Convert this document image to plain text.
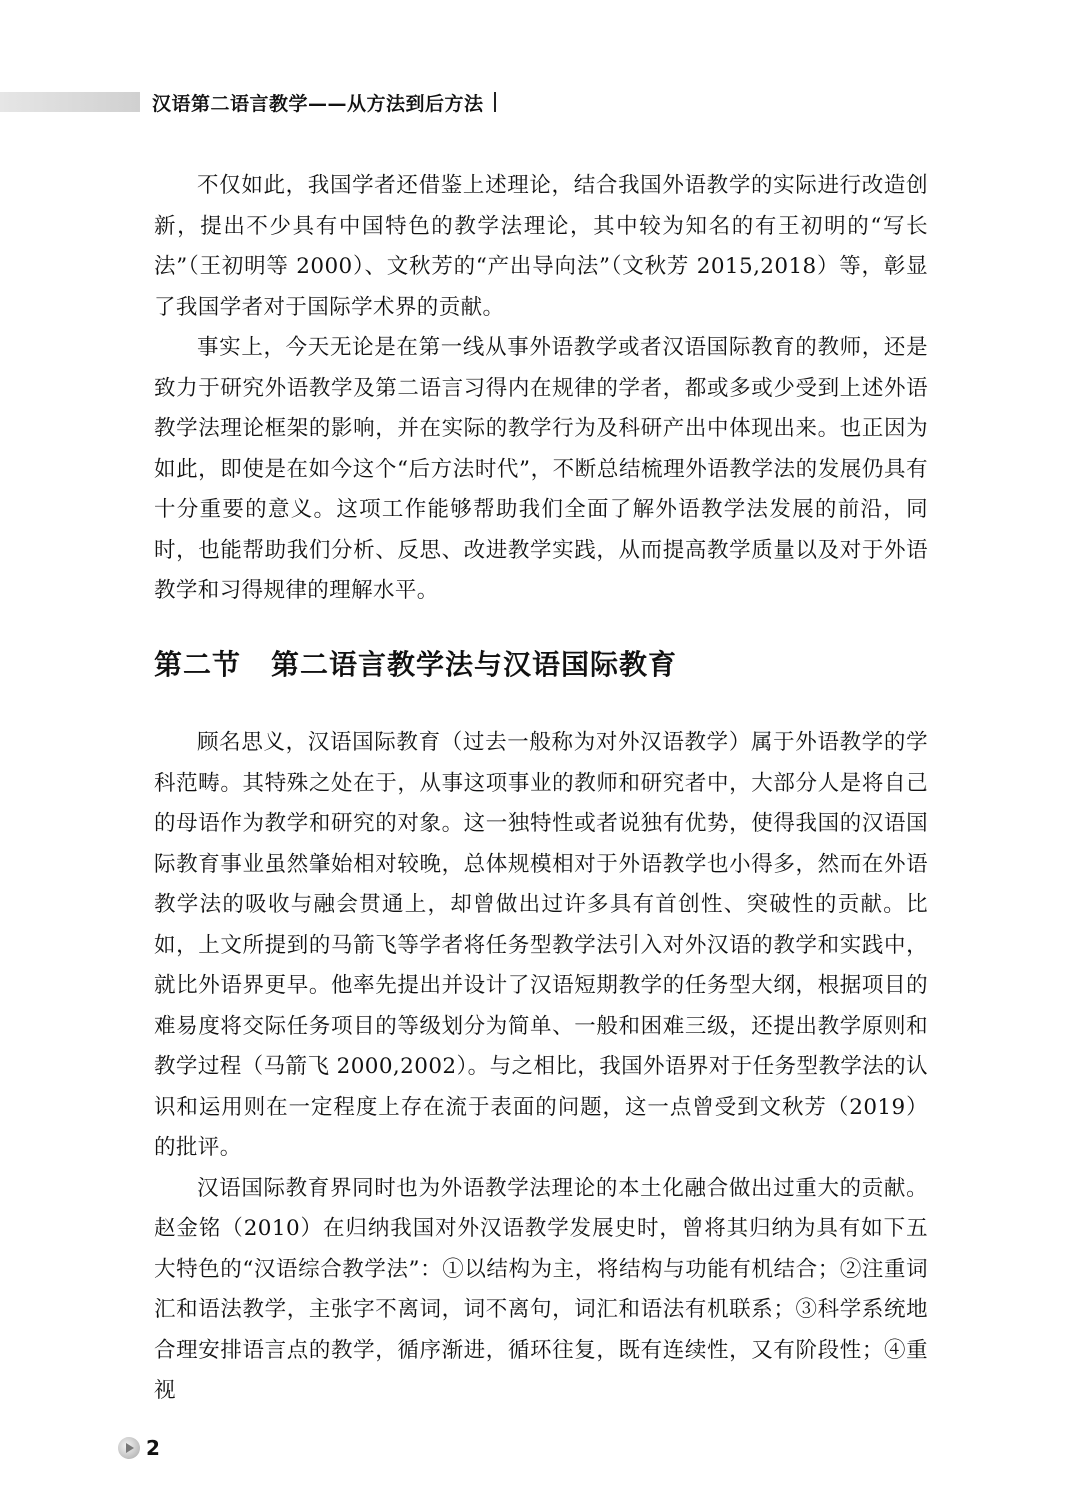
汉语第二语言教学——从方法到后方法

不仅如此，我国学者还借鉴上述理论，结合我国外语教学的实际进行改造创新，提出不少具有中国特色的教学法理论，其中较为知名的有王初明的“写长法”（王初明等 2000）、文秋芳的“产出导向法”（文秋芳 2015,2018）等，彰显了我国学者对于国际学术界的贡献。

事实上，今天无论是在第一线从事外语教学或者汉语国际教育的教师，还是致力于研究外语教学及第二语言习得内在规律的学者，都或多或少受到上述外语教学法理论框架的影响，并在实际的教学行为及科研产出中体现出来。也正因为如此，即使是在如今这个“后方法时代”，不断总结梳理外语教学法的发展仍具有十分重要的意义。这项工作能够帮助我们全面了解外语教学法发展的前沿，同时，也能帮助我们分析、反思、改进教学实践，从而提高教学质量以及对于外语教学和习得规律的理解水平。

第二节 第二语言教学法与汉语国际教育

顾名思义，汉语国际教育（过去一般称为对外汉语教学）属于外语教学的学科范畴。其特殊之处在于，从事这项事业的教师和研究者中，大部分人是将自己的母语作为教学和研究的对象。这一独特性或者说独有优势，使得我国的汉语国际教育事业虽然肇始相对较晚，总体规模相对于外语教学也小得多，然而在外语教学法的吸收与融会贯通上，却曾做出过许多具有首创性、突破性的贡献。比如，上文所提到的马箭飞等学者将任务型教学法引入对外汉语的教学和实践中，就比外语界更早。他率先提出并设计了汉语短期教学的任务型大纲，根据项目的难易度将交际任务项目的等级划分为简单、一般和困难三级，还提出教学原则和教学过程（马箭飞 2000,2002）。与之相比，我国外语界对于任务型教学法的认识和运用则在一定程度上存在流于表面的问题，这一点曾受到文秋芳（2019）的批评。

汉语国际教育界同时也为外语教学法理论的本土化融合做出过重大的贡献。赵金铭（2010）在归纳我国对外汉语教学发展史时，曾将其归纳为具有如下五大特色的“汉语综合教学法”：①以结构为主，将结构与功能有机结合；②注重词汇和语法教学，主张字不离词，词不离句，词汇和语法有机联系；③科学系统地合理安排语言点的教学，循序渐进，循环往复，既有连续性，又有阶段性；④重视

2
